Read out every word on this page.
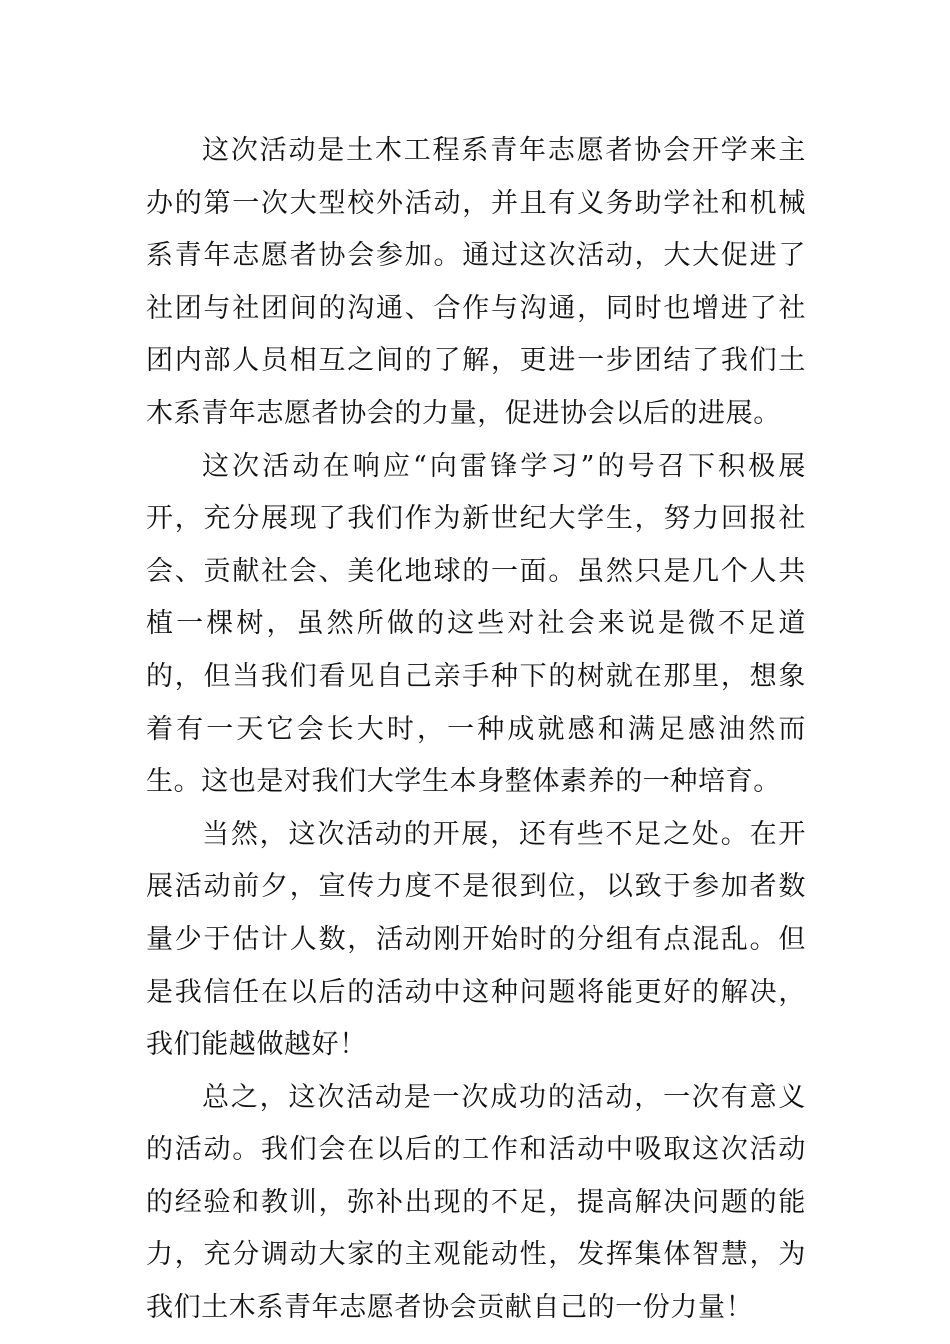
这次活动是土木工程系青年志愿者协会开学来主办的第一次大型校外活动，并且有义务助学社和机械系青年志愿者协会参加。通过这次活动，大大促进了社团与社团间的沟通、合作与沟通，同时也增进了社团内部人员相互之间的了解，更进一步团结了我们土木系青年志愿者协会的力量，促进协会以后的进展。

这次活动在响应“向雷锋学习”的号召下积极展开，充分展现了我们作为新世纪大学生，努力回报社会、贡献社会、美化地球的一面。虽然只是几个人共植一棵树，虽然所做的这些对社会来说是微不足道的，但当我们看见自己亲手种下的树就在那里，想象着有一天它会长大时，一种成就感和满足感油然而生。这也是对我们大学生本身整体素养的一种培育。

当然，这次活动的开展，还有些不足之处。在开展活动前夕，宣传力度不是很到位，以致于参加者数量少于估计人数，活动刚开始时的分组有点混乱。但是我信任在以后的活动中这种问题将能更好的解决，我们能越做越好！

总之，这次活动是一次成功的活动，一次有意义的活动。我们会在以后的工作和活动中吸取这次活动的经验和教训，弥补出现的不足，提高解决问题的能力，充分调动大家的主观能动性，发挥集体智慧，为我们土木系青年志愿者协会贡献自己的一份力量！
